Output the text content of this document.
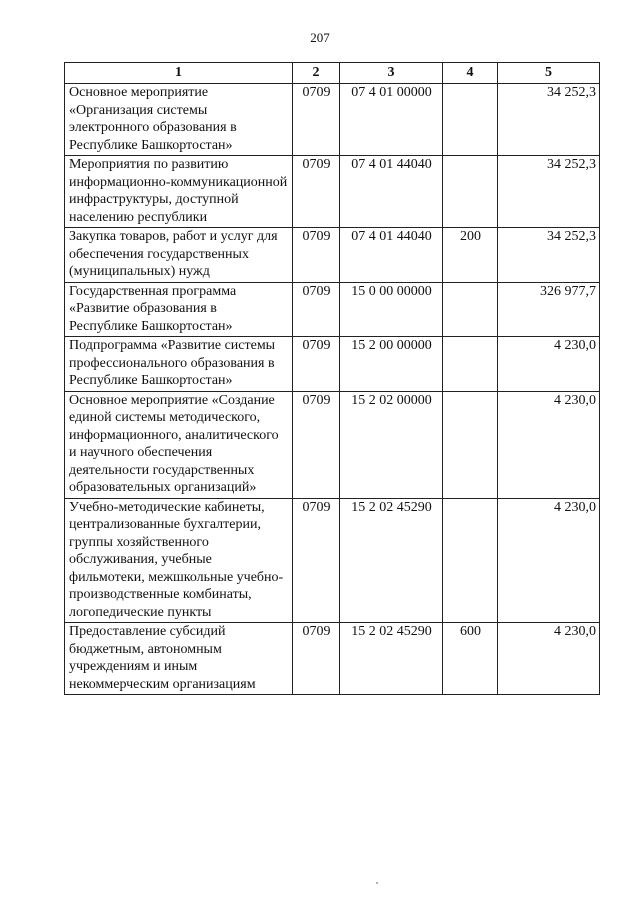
207
1	2	3	4	5
Основное мероприятие «Организация системы электронного образования в Республике Башкортостан»	0709	07 4 01 00000		34 252,3
Мероприятия по развитию информационно-коммуникационной инфраструктуры, доступной населению республики	0709	07 4 01 44040		34 252,3
Закупка товаров, работ и услуг для обеспечения государственных (муниципальных) нужд	0709	07 4 01 44040	200	34 252,3
Государственная программа «Развитие образования в Республике Башкортостан»	0709	15 0 00 00000		326 977,7
Подпрограмма «Развитие системы профессионального образования в Республике Башкортостан»	0709	15 2 00 00000		4 230,0
Основное мероприятие «Создание единой системы методического, информационного, аналитического и научного обеспечения деятельности государственных образовательных организаций»	0709	15 2 02 00000		4 230,0
Учебно-методические кабинеты, централизованные бухгалтерии, группы хозяйственного обслуживания, учебные фильмотеки, межшкольные учебно-производственные комбинаты, логопедические пункты	0709	15 2 02 45290		4 230,0
Предоставление субсидий бюджетным, автономным учреждениям и иным некоммерческим организациям	0709	15 2 02 45290	600	4 230,0
